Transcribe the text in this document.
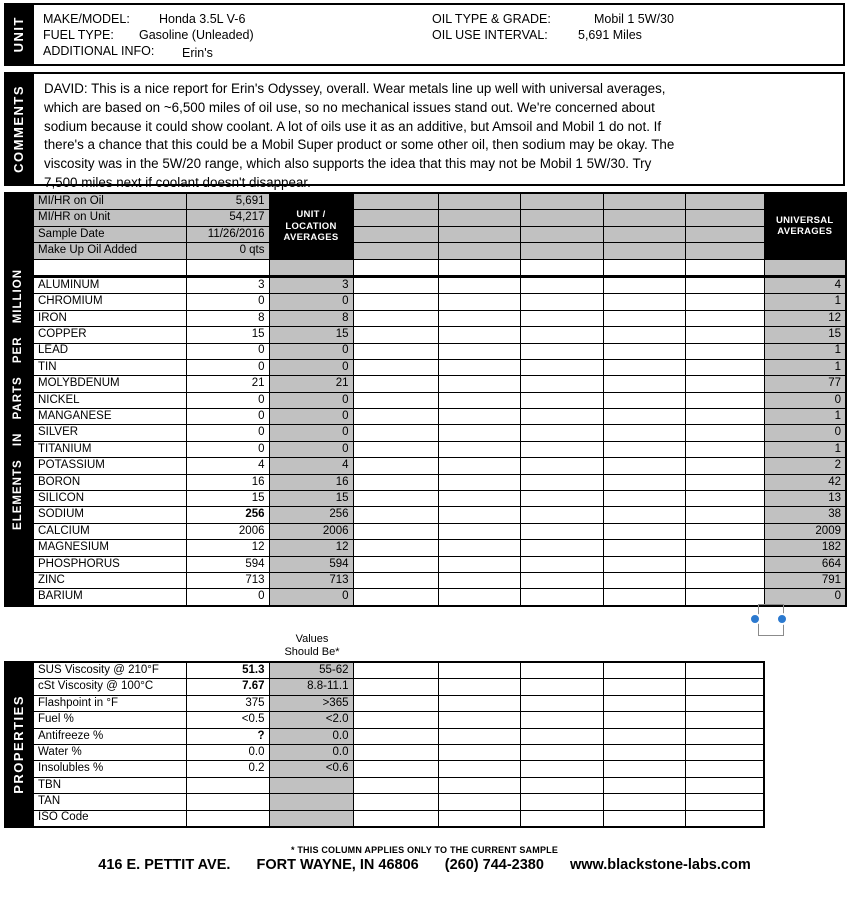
UNIT MAKE/MODEL: Honda 3.5L V-6
FUEL TYPE: Gasoline (Unleaded)
ADDITIONAL INFO: Erin's
OIL TYPE & GRADE:	Mobil 1 5W/30
OIL USE INTERVAL: 5,691 Miles
COMMENTS DAVID: This is a nice report for Erin's Odyssey, overall. Wear metals line up well with universal averages,
which are based on ~6,500 miles of oil use, so no mechanical issues stand out. We're concerned about
sodium because it could show coolant. A lot of oils use it as an additive, but Amsoil and Mobil 1 do not. If
there's a chance that this could be a Mobil Super product or some other oil, then sodium may be okay. The
viscosity was in the 5W/20 range, which also supports the idea that this may not be Mobil 1 5W/30. Try
7,500 miles next if coolant doesn't disappear.
ELEMENTS IN PARTS PER MILLION
MI/HR on Oil	5,691	
UNIT /
LOCATION
AVERAGES

UNIVERSAL
AVERAGES

MI/HR on Unit	54,217							
Sample Date	11/26/2016							
Make Up Oil Added	0 qts							

ALUMINUM	3	3						4
CHROMIUM	0	0						1
IRON	8	8						12
COPPER	15	15						15
LEAD	0	0						1
TIN	0	0						1
MOLYBDENUM	21	21						77
NICKEL	0	0						0
MANGANESE	0	0						1
SILVER	0	0						0
TITANIUM	0	0						1
POTASSIUM	4	4						2
BORON	16	16						42
SILICON	15	15						13
SODIUM	256	256						38
CALCIUM	2006	2006						2009
MAGNESIUM	12	12						182
PHOSPHORUS	594	594						664
ZINC	713	713						791
BARIUM	0	0						0
Values
Should Be*
PROPERTIES
SUS Viscosity @ 210°F	51.3	55-62					
cSt Viscosity @ 100°C	7.67	8.8-11.1					
Flashpoint in °F	375	>365					
Fuel %	<0.5	<2.0					
Antifreeze %	?	0.0					
Water %	0.0	0.0					
Insolubles %	0.2	<0.6					
TBN							
TAN							
ISO Code							
* THIS COLUMN APPLIES ONLY TO THE CURRENT SAMPLE
416 E. PETTIT AVE. FORT WAYNE, IN 46806 (260) 744-2380 www.blackstone-labs.com
